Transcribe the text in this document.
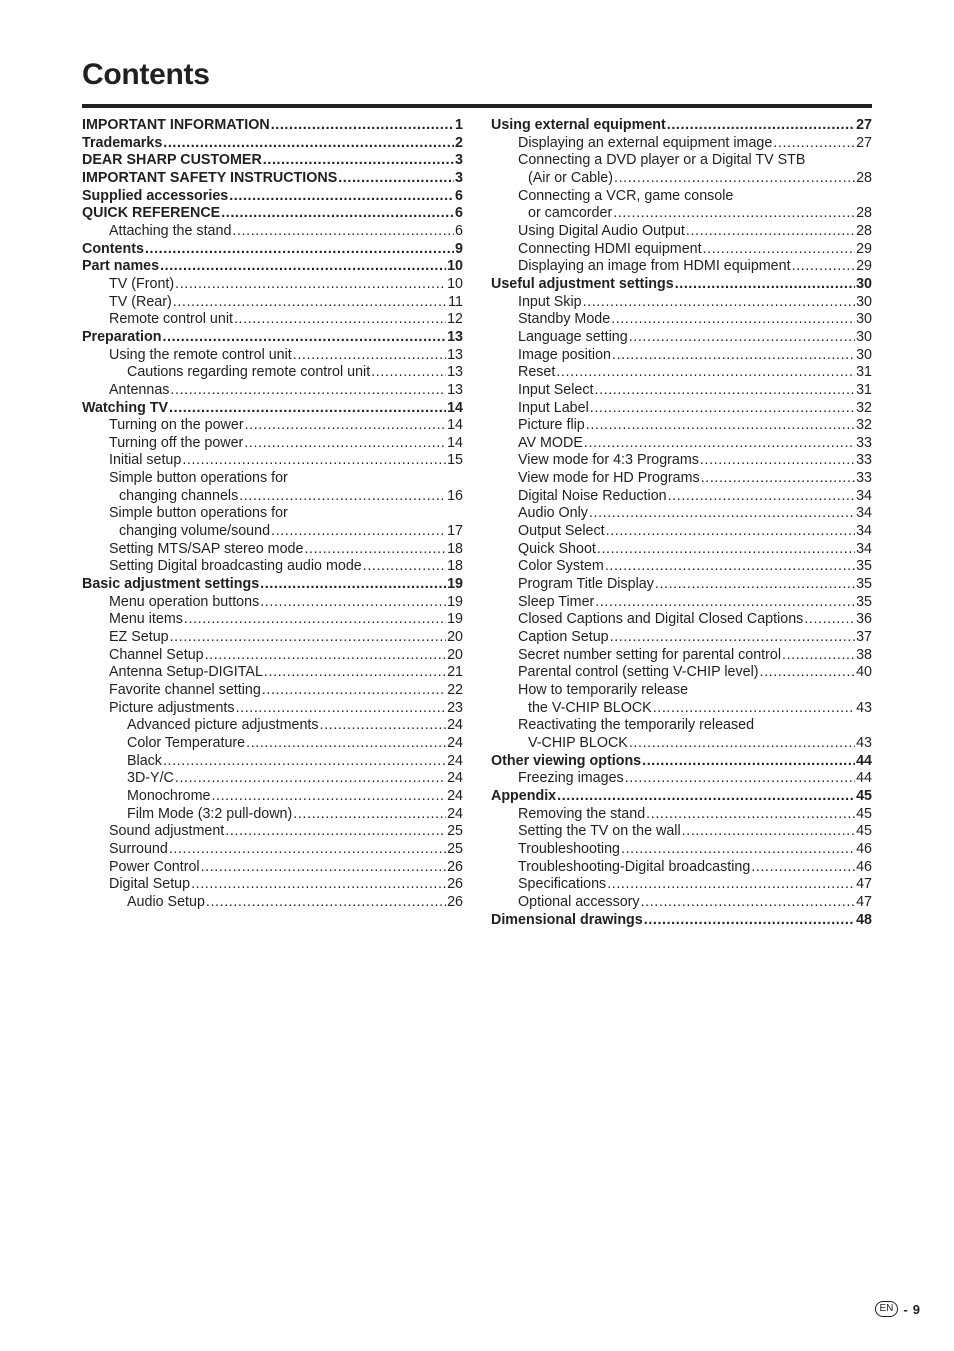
Contents
IMPORTANT INFORMATION .....	1
Trademarks .....	2
DEAR SHARP CUSTOMER .....	3
IMPORTANT SAFETY INSTRUCTIONS .....	3
Supplied accessories .....	6
QUICK REFERENCE .....	6
Attaching the stand .....	6
Contents .....	9
Part names .....	10
TV (Front) .....	10
TV (Rear) .....	11
Remote control unit .....	12
Preparation .....	13
Using the remote control unit .....	13
Cautions regarding remote control unit .....	13
Antennas .....	13
Watching TV .....	14
Turning on the power .....	14
Turning off the power .....	14
Initial setup .....	15
Simple button operations for
changing channels .....	16
Simple button operations for
changing volume/sound .....	17
Setting MTS/SAP stereo mode .....	18
Setting Digital broadcasting audio mode .....	18
Basic adjustment settings .....	19
Menu operation buttons .....	19
Menu items .....	19
EZ Setup .....	20
Channel Setup .....	20
Antenna Setup-DIGITAL .....	21
Favorite channel setting .....	22
Picture adjustments .....	23
Advanced picture adjustments .....	24
Color Temperature .....	24
Black .....	24
3D-Y/C .....	24
Monochrome .....	24
Film Mode (3:2 pull-down) .....	24
Sound adjustment .....	25
Surround .....	25
Power Control .....	26
Digital Setup .....	26
Audio Setup .....	26
Using external equipment .....	27
Displaying an external equipment image .....	27
Connecting a DVD player or a Digital TV STB
(Air or Cable) .....	28
Connecting a VCR, game console
or camcorder .....	28
Using Digital Audio Output .....	28
Connecting HDMI equipment .....	29
Displaying an image from HDMI equipment .....	29
Useful adjustment settings .....	30
Input Skip .....	30
Standby Mode .....	30
Language setting .....	30
Image position .....	30
Reset .....	31
Input Select .....	31
Input Label .....	32
Picture flip .....	32
AV MODE .....	33
View mode for 4:3 Programs .....	33
View mode for HD Programs .....	33
Digital Noise Reduction .....	34
Audio Only .....	34
Output Select .....	34
Quick Shoot .....	34
Color System .....	35
Program Title Display .....	35
Sleep Timer .....	35
Closed Captions and Digital Closed Captions .....	36
Caption Setup .....	37
Secret number setting for parental control .....	38
Parental control (setting V-CHIP level) .....	40
How to temporarily release
the V-CHIP BLOCK .....	43
Reactivating the temporarily released
V-CHIP BLOCK .....	43
Other viewing options .....	44
Freezing images .....	44
Appendix .....	45
Removing the stand .....	45
Setting the TV on the wall .....	45
Troubleshooting .....	46
Troubleshooting-Digital broadcasting .....	46
Specifications .....	47
Optional accessory .....	47
Dimensional drawings .....	48
EN - 9
